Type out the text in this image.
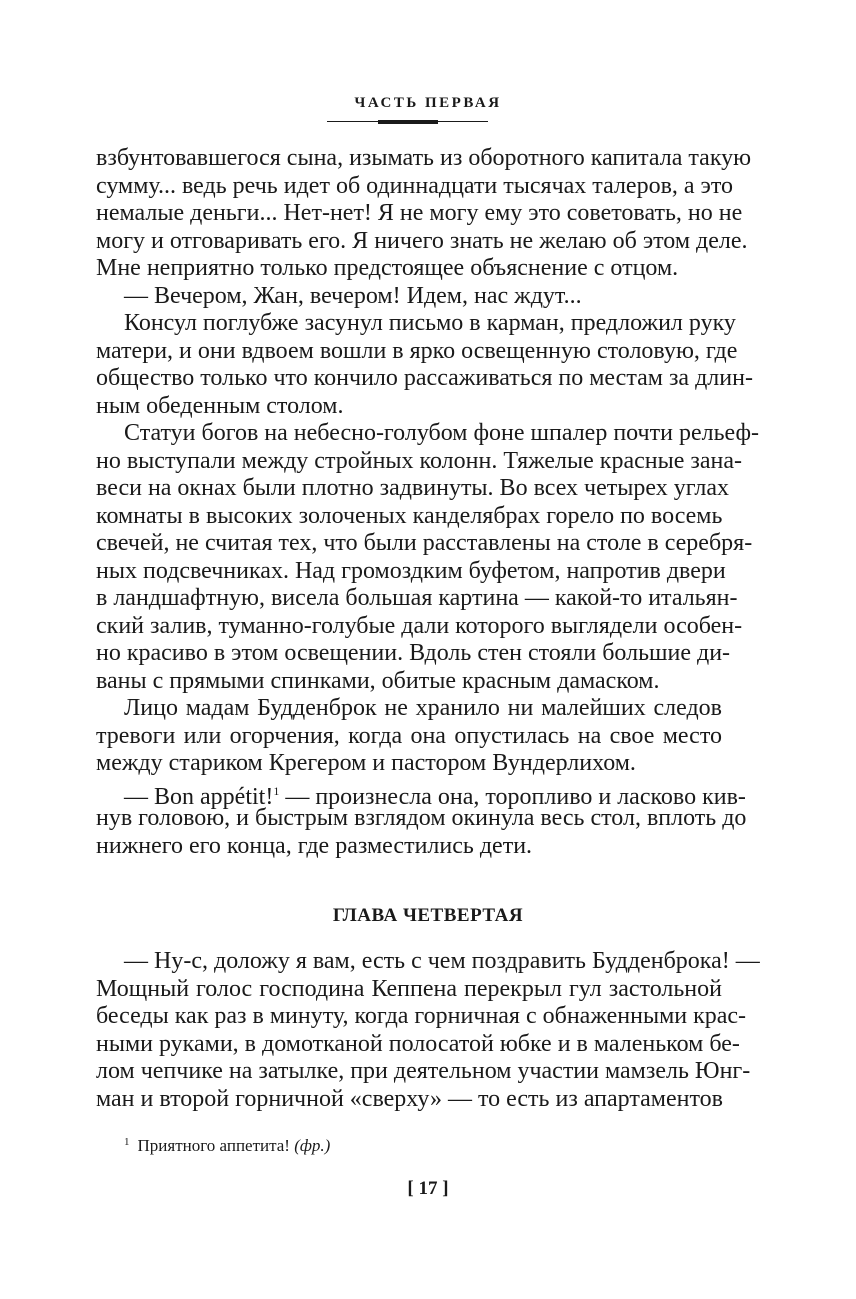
ЧАСТЬ ПЕРВАЯ
взбунтовавшегося сына, изымать из оборотного капитала такую
сумму... ведь речь идет об одиннадцати тысячах талеров, а это
немалые деньги... Нет-нет! Я не могу ему это советовать, но не
могу и отговаривать его. Я ничего знать не желаю об этом деле.
Мне неприятно только предстоящее объяснение с отцом.
— Вечером, Жан, вечером! Идем, нас ждут...
Консул поглубже засунул письмо в карман, предложил руку
матери, и они вдвоем вошли в ярко освещенную столовую, где
общество только что кончило рассаживаться по местам за длин-
ным обеденным столом.
Статуи богов на небесно-голубом фоне шпалер почти рельеф-
но выступали между стройных колонн. Тяжелые красные зана-
веси на окнах были плотно задвинуты. Во всех четырех углах
комнаты в высоких золоченых канделябрах горело по восемь
свечей, не считая тех, что были расставлены на столе в серебря-
ных подсвечниках. Над громоздким буфетом, напротив двери
в ландшафтную, висела большая картина — какой-то итальян-
ский залив, туманно-голубые дали которого выглядели особен-
но красиво в этом освещении. Вдоль стен стояли большие ди-
ваны с прямыми спинками, обитые красным дамаском.
Лицо мадам Будденброк не хранило ни малейших следов
тревоги или огорчения, когда она опустилась на свое место
между стариком Крегером и пастором Вундерлихом.
— Bon appétit!$^1$ — произнесла она, торопливо и ласково кив-
нув головою, и быстрым взглядом окинула весь стол, вплоть до
нижнего его конца, где разместились дети.
ГЛАВА ЧЕТВЕРТАЯ
— Ну-с, доложу я вам, есть с чем поздравить Будденброка! —
Мощный голос господина Кеппена перекрыл гул застольной
беседы как раз в минуту, когда горничная с обнаженными крас-
ными руками, в домотканой полосатой юбке и в маленьком бе-
лом чепчике на затылке, при деятельном участии мамзель Юнг-
ман и второй горничной «сверху» — то есть из апартаментов
$^1$ Приятного аппетита! (фр.)
[ 17 ]
